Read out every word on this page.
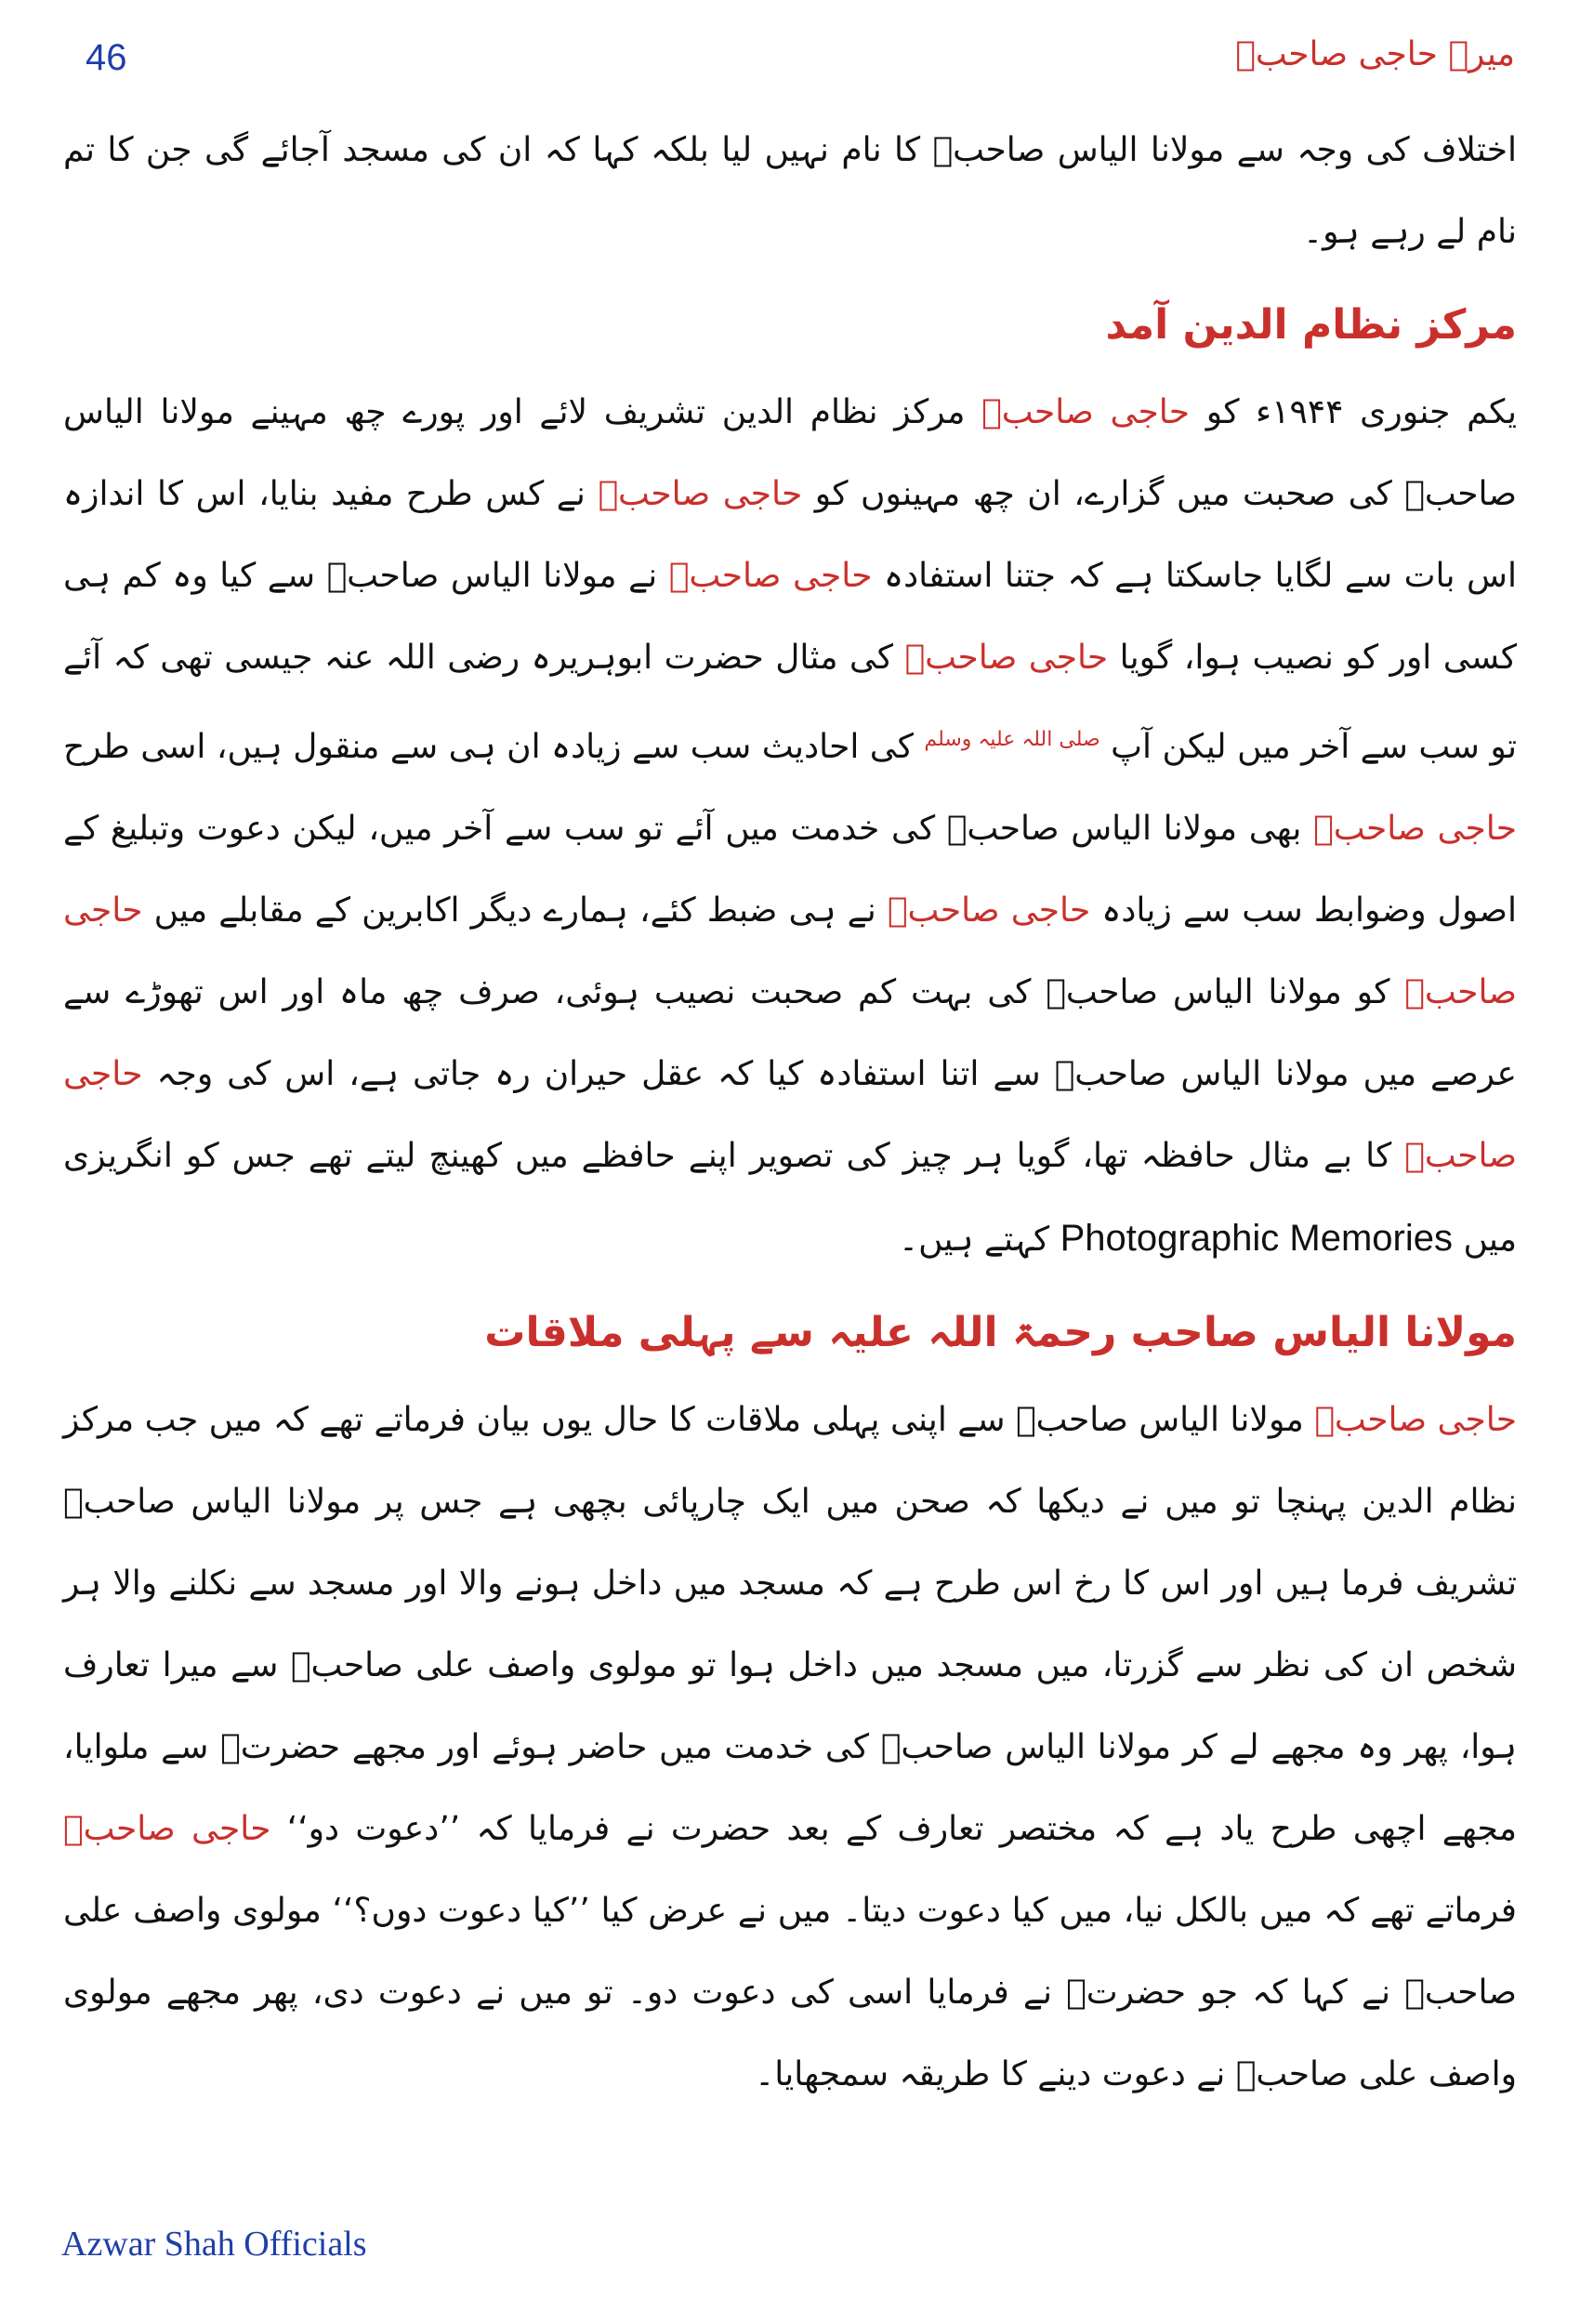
46	میرے حاجی صاحبؒ

اختلاف کی وجہ سے مولانا الیاس صاحبؒ کا نام نہیں لیا بلکہ کہا کہ ان کی مسجد آجائے گی جن کا تم نام لے رہے ہو۔

مرکز نظام الدین آمد

یکم جنوری ۱۹۴۴ء کو حاجی صاحبؒ مرکز نظام الدین تشریف لائے اور پورے چھ مہینے مولانا الیاس صاحبؒ کی صحبت میں گزارے، ان چھ مہینوں کو حاجی صاحبؒ نے کس طرح مفید بنایا، اس کا اندازہ اس بات سے لگایا جاسکتا ہے کہ جتنا استفادہ حاجی صاحبؒ نے مولانا الیاس صاحبؒ سے کیا وہ کم ہی کسی اور کو نصیب ہوا، گویا حاجی صاحبؒ کی مثال حضرت ابوہریرہ رضی اللہ عنہ جیسی تھی کہ آئے تو سب سے آخر میں لیکن آپ $^{صلی اللہ علیہ وسلم}$ کی احادیث سب سے زیادہ ان ہی سے منقول ہیں، اسی طرح حاجی صاحبؒ بھی مولانا الیاس صاحبؒ کی خدمت میں آئے تو سب سے آخر میں، لیکن دعوت وتبلیغ کے اصول وضوابط سب سے زیادہ حاجی صاحبؒ نے ہی ضبط کئے، ہمارے دیگر اکابرین کے مقابلے میں حاجی صاحبؒ کو مولانا الیاس صاحبؒ کی بہت کم صحبت نصیب ہوئی، صرف چھ ماہ اور اس تھوڑے سے عرصے میں مولانا الیاس صاحبؒ سے اتنا استفادہ کیا کہ عقل حیران رہ جاتی ہے، اس کی وجہ حاجی صاحبؒ کا بے مثال حافظہ تھا، گویا ہر چیز کی تصویر اپنے حافظے میں کھینچ لیتے تھے جس کو انگریزی میں Photographic Memories کہتے ہیں۔

مولانا الیاس صاحب رحمۃ اللہ علیہ سے پہلی ملاقات

حاجی صاحبؒ مولانا الیاس صاحبؒ سے اپنی پہلی ملاقات کا حال یوں بیان فرماتے تھے کہ میں جب مرکز نظام الدین پہنچا تو میں نے دیکھا کہ صحن میں ایک چارپائی بچھی ہے جس پر مولانا الیاس صاحبؒ تشریف فرما ہیں اور اس کا رخ اس طرح ہے کہ مسجد میں داخل ہونے والا اور مسجد سے نکلنے والا ہر شخص ان کی نظر سے گزرتا، میں مسجد میں داخل ہوا تو مولوی واصف علی صاحبؒ سے میرا تعارف ہوا، پھر وہ مجھے لے کر مولانا الیاس صاحبؒ کی خدمت میں حاضر ہوئے اور مجھے حضرتؒ سے ملوایا، مجھے اچھی طرح یاد ہے کہ مختصر تعارف کے بعد حضرت نے فرمایا کہ ’’دعوت دو‘‘ حاجی صاحبؒ فرماتے تھے کہ میں بالکل نیا، میں کیا دعوت دیتا۔ میں نے عرض کیا ’’کیا دعوت دوں؟‘‘ مولوی واصف علی صاحبؒ نے کہا کہ جو حضرتؒ نے فرمایا اسی کی دعوت دو۔ تو میں نے دعوت دی، پھر مجھے مولوی واصف علی صاحبؒ نے دعوت دینے کا طریقہ سمجھایا۔

Azwar Shah Officials
